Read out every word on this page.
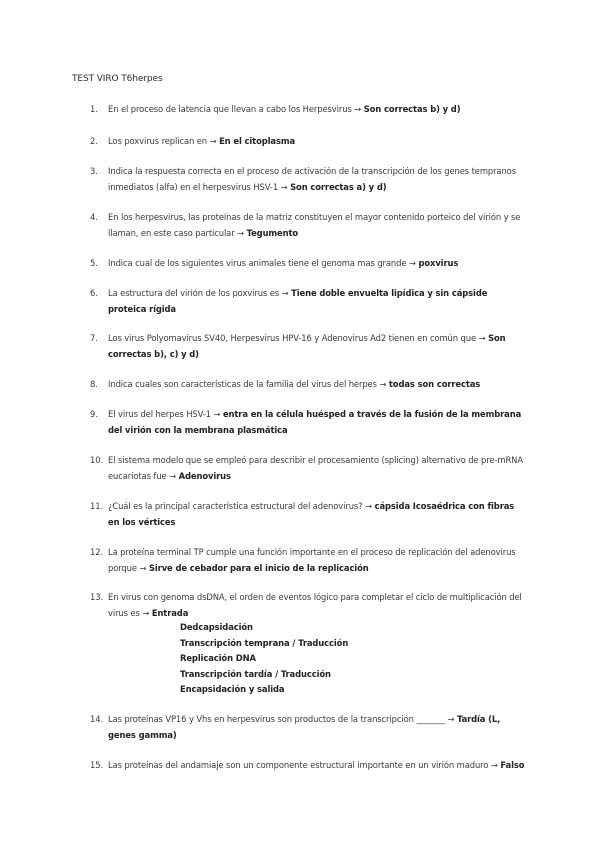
TEST VIRO T6herpes
1. En el proceso de latencia que llevan a cabo los Herpesvirus → Son correctas b) y d)
2. Los poxvirus replican en → En el citoplasma
3. Indica la respuesta correcta en el proceso de activación de la transcripción de los genes tempranos inmediatos (alfa) en el herpesvirus HSV-1 → Son correctas a) y d)
4. En los herpesvirus, las proteínas de la matriz constituyen el mayor contenido porteico del virión y se llaman, en este caso particular → Tegumento
5. Indica cual de los siguientes virus animales tiene el genoma mas grande → poxvirus
6. La estructura del virión de los poxvirus es → Tiene doble envuelta lipídica y sin cápside proteica rígida
7. Los virus Polyomavirus SV40, Herpesvirus HPV-16 y Adenovirus Ad2 tienen en común que → Son correctas b), c) y d)
8. Indica cuales son características de la familia del virus del herpes → todas son correctas
9. El virus del herpes HSV-1 → entra en la célula huésped a través de la fusión de la membrana del virión con la membrana plasmática
10. El sistema modelo que se empleó para describir el procesamiento (splicing) alternativo de pre-mRNA eucariotas fue → Adenovirus
11. ¿Cuál es la principal característica estructural del adenovirus? → cápsida Icosaédrica con fibras en los vértices
12. La proteína terminal TP cumple una función importante en el proceso de replicación del adenovirus porque → Sirve de cebador para el inicio de la replicación
13. En virus con genoma dsDNA, el orden de eventos lógico para completar el ciclo de multiplicación del virus es → Entrada
Dedcapsidación
Transcripción temprana / Traducción
Replicación DNA
Transcripción tardía / Traducción
Encapsidación y salida
14. Las proteínas VP16 y Vhs en herpesvirus son productos de la transcripción _______ → Tardía (L, genes gamma)
15. Las proteínas del andamiaje son un componente estructural importante en un virión maduro → Falso
